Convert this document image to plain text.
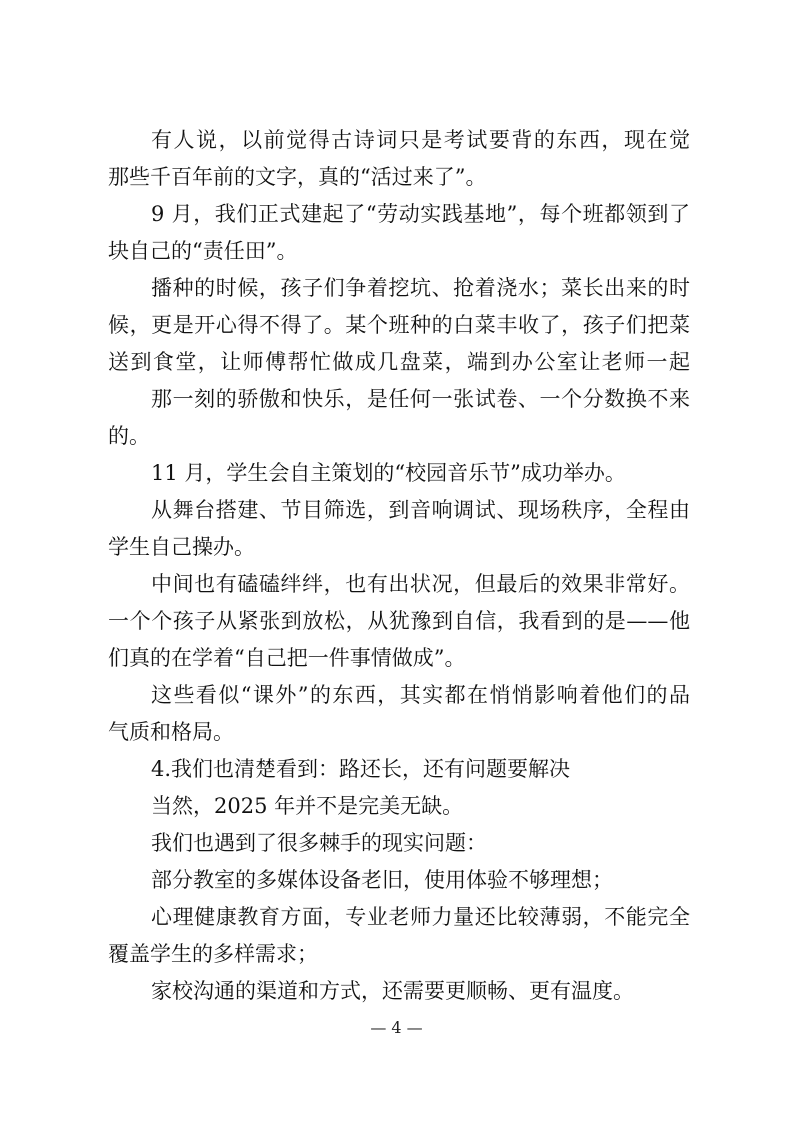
有人说，以前觉得古诗词只是考试要背的东西，现在觉
那些千百年前的文字，真的“活过来了”。
9 月，我们正式建起了“劳动实践基地”，每个班都领到了
块自己的“责任田”。
播种的时候，孩子们争着挖坑、抢着浇水；菜长出来的时
候，更是开心得不得了。某个班种的白菜丰收了，孩子们把菜
送到食堂，让师傅帮忙做成几盘菜，端到办公室让老师一起
那一刻的骄傲和快乐，是任何一张试卷、一个分数换不来
的。
11 月，学生会自主策划的“校园音乐节”成功举办。
从舞台搭建、节目筛选，到音响调试、现场秩序，全程由
学生自己操办。
中间也有磕磕绊绊，也有出状况，但最后的效果非常好。
一个个孩子从紧张到放松，从犹豫到自信，我看到的是——他
们真的在学着“自己把一件事情做成”。
这些看似“课外”的东西，其实都在悄悄影响着他们的品
气质和格局。
4.我们也清楚看到：路还长，还有问题要解决
当然，2025 年并不是完美无缺。
我们也遇到了很多棘手的现实问题：
部分教室的多媒体设备老旧，使用体验不够理想；
心理健康教育方面，专业老师力量还比较薄弱，不能完全
覆盖学生的多样需求；
家校沟通的渠道和方式，还需要更顺畅、更有温度。
— 4 —
